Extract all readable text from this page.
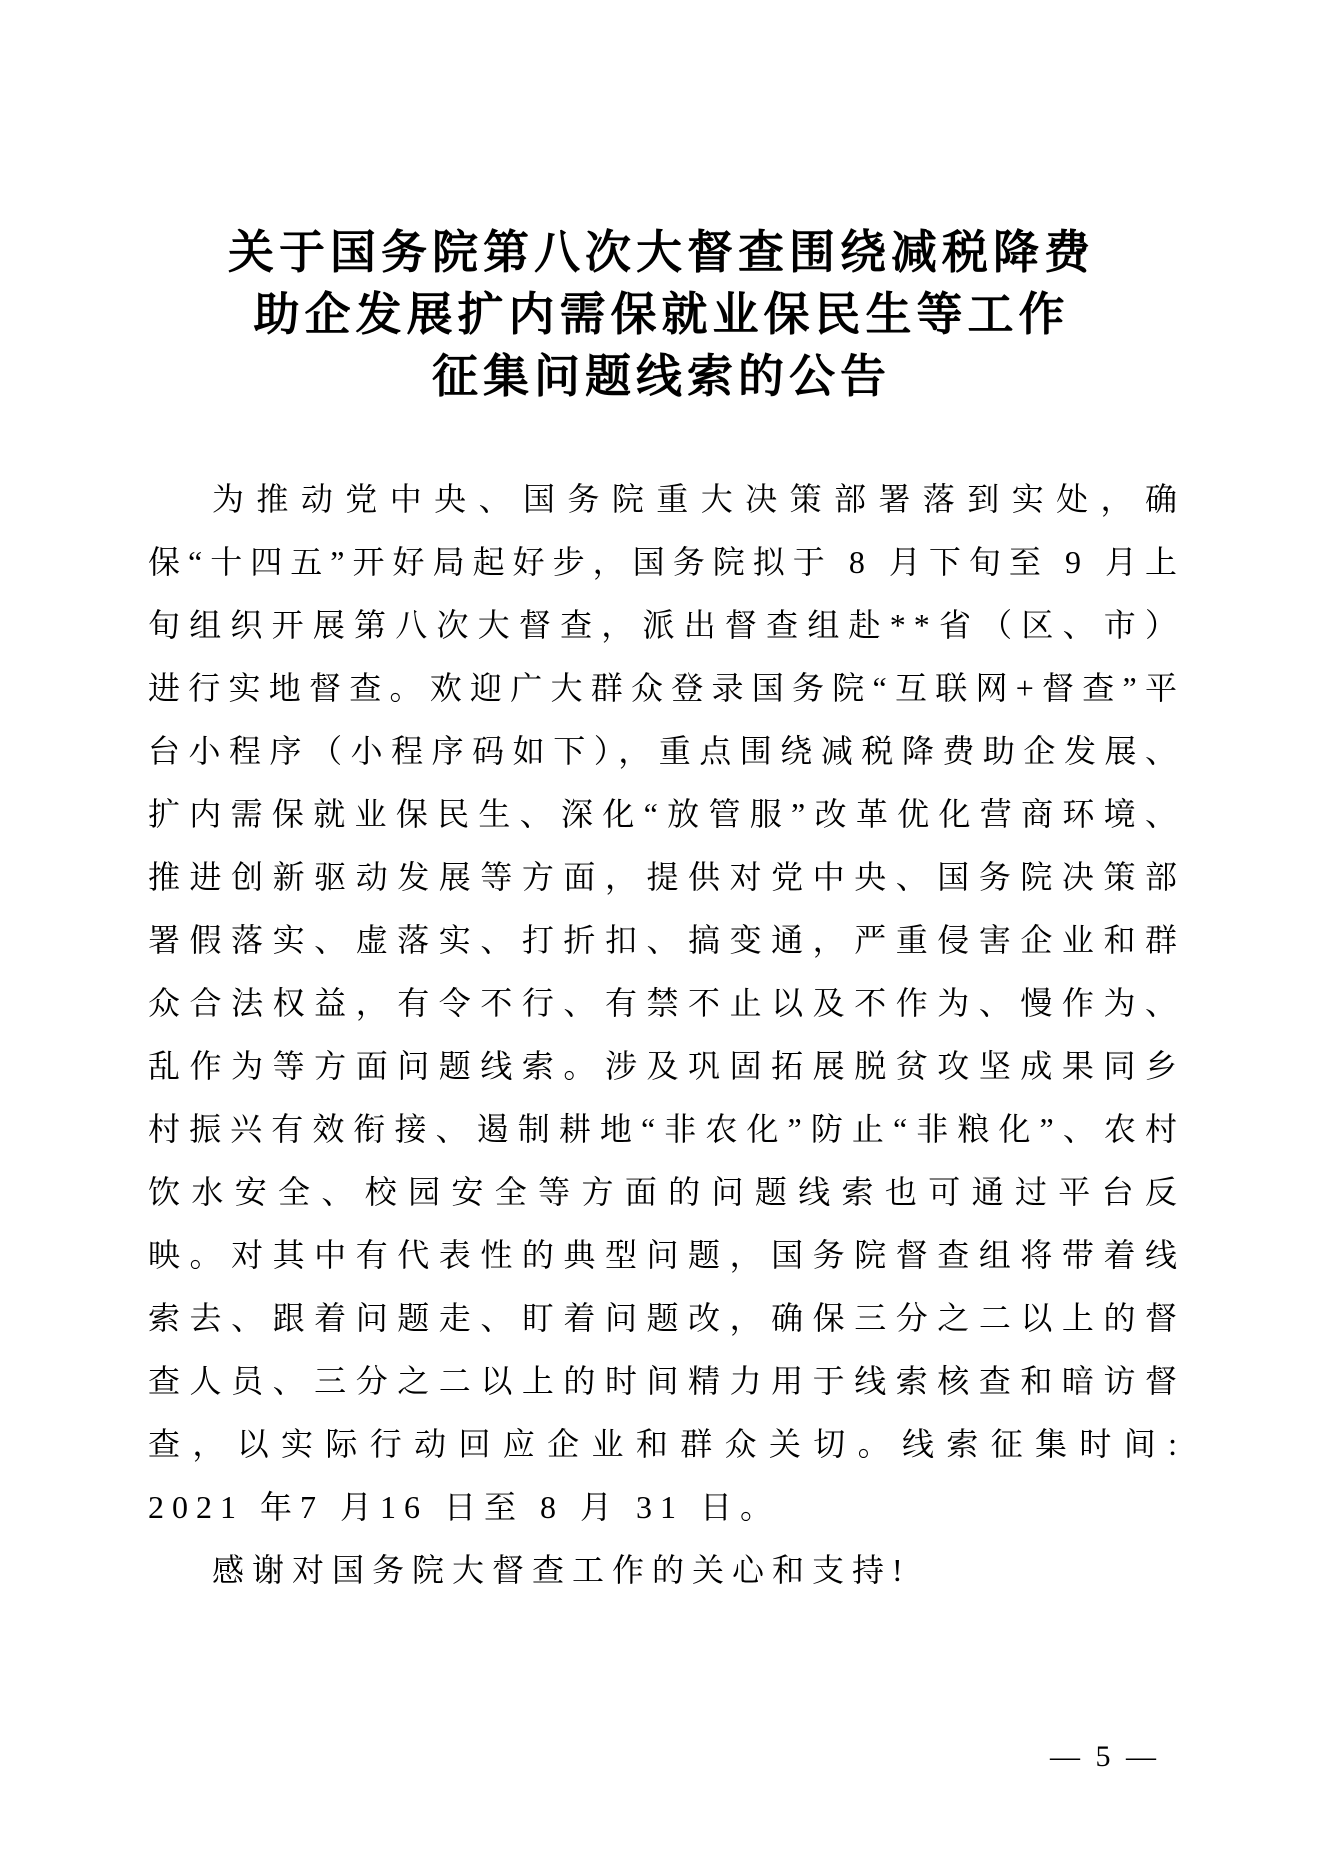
关于国务院第八次大督查围绕减税降费
助企发展扩内需保就业保民生等工作
征集问题线索的公告

为推动党中央、国务院重大决策部署落到实处，确保“十四五”开好局起好步，国务院拟于 8 月下旬至 9 月上旬组织开展第八次大督查，派出督查组赴**省（区、市）进行实地督查。欢迎广大群众登录国务院“互联网+督查”平台小程序（小程序码如下），重点围绕减税降费助企发展、扩内需保就业保民生、深化“放管服”改革优化营商环境、推进创新驱动发展等方面，提供对党中央、国务院决策部署假落实、虚落实、打折扣、搞变通，严重侵害企业和群众合法权益，有令不行、有禁不止以及不作为、慢作为、乱作为等方面问题线索。涉及巩固拓展脱贫攻坚成果同乡村振兴有效衔接、遏制耕地“非农化”防止“非粮化”、农村饮水安全、校园安全等方面的问题线索也可通过平台反映。对其中有代表性的典型问题，国务院督查组将带着线索去、跟着问题走、盯着问题改，确保三分之二以上的督查人员、三分之二以上的时间精力用于线索核查和暗访督查，以实际行动回应企业和群众关切。线索征集时间: 2021 年7 月16 日至 8 月 31 日。

感谢对国务院大督查工作的关心和支持!

— 5 —
